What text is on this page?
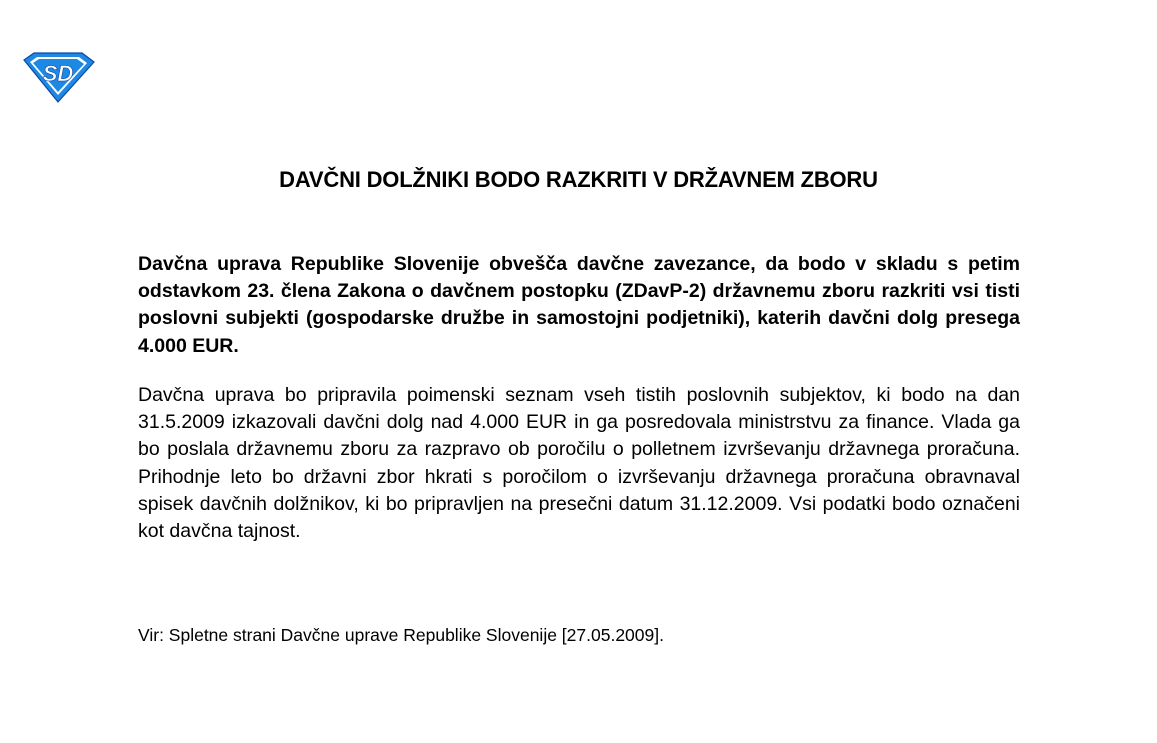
SD
DAVČNI DOLŽNIKI BODO RAZKRITI V DRŽAVNEM ZBORU

Davčna uprava Republike Slovenije obvešča davčne zavezance, da bodo v skladu s petim odstavkom 23. člena Zakona o davčnem postopku (ZDavP-2) državnemu zboru razkriti vsi tisti poslovni subjekti (gospodarske družbe in samostojni podjetniki), katerih davčni dolg presega 4.000 EUR.

Davčna uprava bo pripravila poimenski seznam vseh tistih poslovnih subjektov, ki bodo na dan 31.5.2009 izkazovali davčni dolg nad 4.000 EUR in ga posredovala ministrstvu za finance. Vlada ga bo poslala državnemu zboru za razpravo ob poročilu o polletnem izvrševanju državnega proračuna. Prihodnje leto bo državni zbor hkrati s poročilom o izvrševanju državnega proračuna obravnaval spisek davčnih dolžnikov, ki bo pripravljen na presečni datum 31.12.2009. Vsi podatki bodo označeni kot davčna tajnost.

Vir: Spletne strani Davčne uprave Republike Slovenije [27.05.2009].
